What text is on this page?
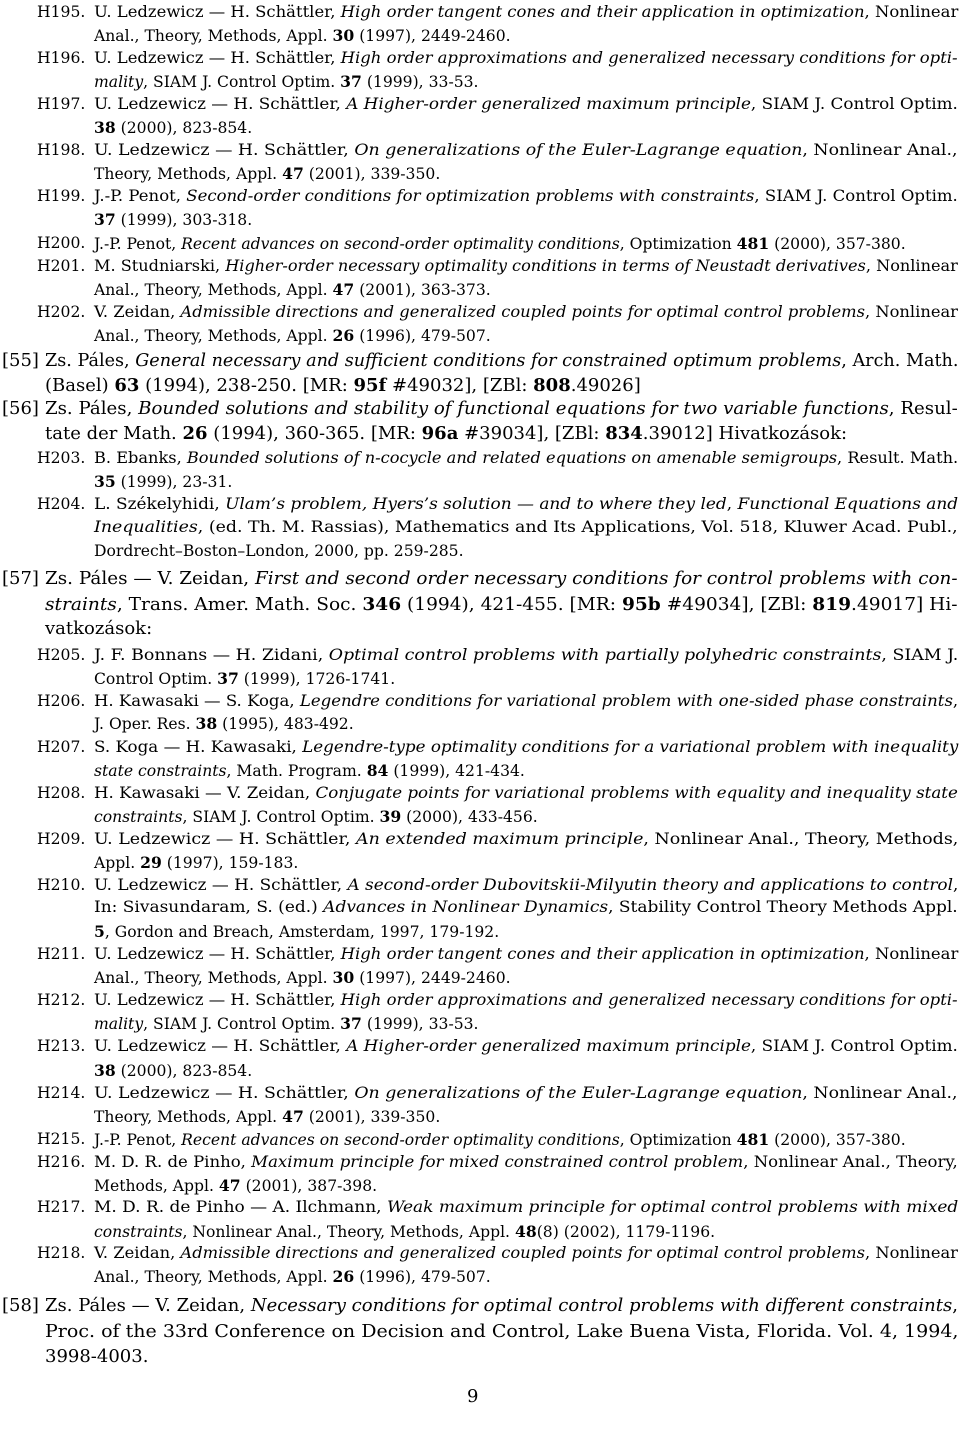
H195. U. Ledzewicz — H. Schättler, High order tangent cones and their application in optimization, Nonlinear
Anal., Theory, Methods, Appl. 30 (1997), 2449-2460.
H196. U. Ledzewicz — H. Schättler, High order approximations and generalized necessary conditions for opti-
mality, SIAM J. Control Optim. 37 (1999), 33-53.
H197. U. Ledzewicz — H. Schättler, A Higher-order generalized maximum principle, SIAM J. Control Optim.
38 (2000), 823-854.
H198. U. Ledzewicz — H. Schättler, On generalizations of the Euler-Lagrange equation, Nonlinear Anal.,
Theory, Methods, Appl. 47 (2001), 339-350.
H199. J.-P. Penot, Second-order conditions for optimization problems with constraints, SIAM J. Control Optim.
37 (1999), 303-318.
H200. J.-P. Penot, Recent advances on second-order optimality conditions, Optimization 481 (2000), 357-380.
H201. M. Studniarski, Higher-order necessary optimality conditions in terms of Neustadt derivatives, Nonlinear
Anal., Theory, Methods, Appl. 47 (2001), 363-373.
H202. V. Zeidan, Admissible directions and generalized coupled points for optimal control problems, Nonlinear
Anal., Theory, Methods, Appl. 26 (1996), 479-507.
[55] Zs. Páles, General necessary and sufficient conditions for constrained optimum problems, Arch. Math.
(Basel) 63 (1994), 238-250. [MR: 95f #49032], [ZBl: 808.49026]
[56] Zs. Páles, Bounded solutions and stability of functional equations for two variable functions, Resul-
tate der Math. 26 (1994), 360-365. [MR: 96a #39034], [ZBl: 834.39012] Hivatkozások:
H203. B. Ebanks, Bounded solutions of n-cocycle and related equations on amenable semigroups, Result. Math.
35 (1999), 23-31.
H204. L. Székelyhidi, Ulam’s problem, Hyers’s solution — and to where they led, Functional Equations and
Inequalities, (ed. Th. M. Rassias), Mathematics and Its Applications, Vol. 518, Kluwer Acad. Publ.,
Dordrecht–Boston–London, 2000, pp. 259-285.
[57] Zs. Páles — V. Zeidan, First and second order necessary conditions for control problems with con-
straints, Trans. Amer. Math. Soc. 346 (1994), 421-455. [MR: 95b #49034], [ZBl: 819.49017] Hi-
vatkozások:
H205. J. F. Bonnans — H. Zidani, Optimal control problems with partially polyhedric constraints, SIAM J.
Control Optim. 37 (1999), 1726-1741.
H206. H. Kawasaki — S. Koga, Legendre conditions for variational problem with one-sided phase constraints,
J. Oper. Res. 38 (1995), 483-492.
H207. S. Koga — H. Kawasaki, Legendre-type optimality conditions for a variational problem with inequality
state constraints, Math. Program. 84 (1999), 421-434.
H208. H. Kawasaki — V. Zeidan, Conjugate points for variational problems with equality and inequality state
constraints, SIAM J. Control Optim. 39 (2000), 433-456.
H209. U. Ledzewicz — H. Schättler, An extended maximum principle, Nonlinear Anal., Theory, Methods,
Appl. 29 (1997), 159-183.
H210. U. Ledzewicz — H. Schättler, A second-order Dubovitskii-Milyutin theory and applications to control,
In: Sivasundaram, S. (ed.) Advances in Nonlinear Dynamics, Stability Control Theory Methods Appl.
5, Gordon and Breach, Amsterdam, 1997, 179-192.
H211. U. Ledzewicz — H. Schättler, High order tangent cones and their application in optimization, Nonlinear
Anal., Theory, Methods, Appl. 30 (1997), 2449-2460.
H212. U. Ledzewicz — H. Schättler, High order approximations and generalized necessary conditions for opti-
mality, SIAM J. Control Optim. 37 (1999), 33-53.
H213. U. Ledzewicz — H. Schättler, A Higher-order generalized maximum principle, SIAM J. Control Optim.
38 (2000), 823-854.
H214. U. Ledzewicz — H. Schättler, On generalizations of the Euler-Lagrange equation, Nonlinear Anal.,
Theory, Methods, Appl. 47 (2001), 339-350.
H215. J.-P. Penot, Recent advances on second-order optimality conditions, Optimization 481 (2000), 357-380.
H216. M. D. R. de Pinho, Maximum principle for mixed constrained control problem, Nonlinear Anal., Theory,
Methods, Appl. 47 (2001), 387-398.
H217. M. D. R. de Pinho — A. Ilchmann, Weak maximum principle for optimal control problems with mixed
constraints, Nonlinear Anal., Theory, Methods, Appl. 48(8) (2002), 1179-1196.
H218. V. Zeidan, Admissible directions and generalized coupled points for optimal control problems, Nonlinear
Anal., Theory, Methods, Appl. 26 (1996), 479-507.
[58] Zs. Páles — V. Zeidan, Necessary conditions for optimal control problems with different constraints,
Proc. of the 33rd Conference on Decision and Control, Lake Buena Vista, Florida. Vol. 4, 1994,
3998-4003.
9
